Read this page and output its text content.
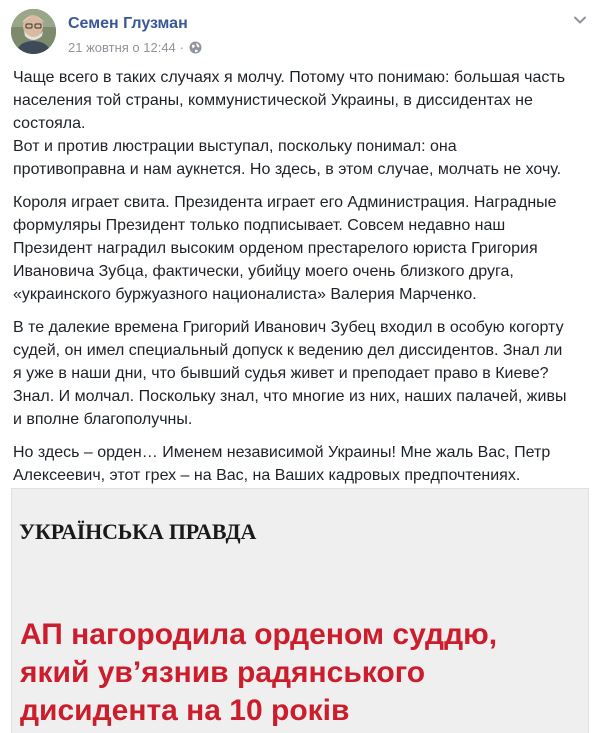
Семен Глузман
21 жовтня о 12:44 ·

Чаще всего в таких случаях я молчу. Потому что понимаю: большая часть
населения той страны, коммунистической Украины, в диссидентах не
состояла.
Вот и против люстрации выступал, поскольку понимал: она
противоправна и нам аукнется. Но здесь, в этом случае, молчать не хочу.

Короля играет свита. Президента играет его Администрация. Наградные
формуляры Президент только подписывает. Совсем недавно наш
Президент наградил высоким орденом престарелого юриста Григория
Ивановича Зубца, фактически, убийцу моего очень близкого друга,
«украинского буржуазного националиста» Валерия Марченко.

В те далекие времена Григорий Иванович Зубец входил в особую когорту
судей, он имел специальный допуск к ведению дел диссидентов. Знал ли
я уже в наши дни, что бывший судья живет и преподает право в Киеве?
Знал. И молчал. Поскольку знал, что многие из них, наших палачей, живы
и вполне благополучны.

Но здесь – орден… Именем независимой Украины! Мне жаль Вас, Петр
Алексеевич, этот грех – на Вас, на Ваших кадровых предпочтениях.

УКРАЇНСЬКА ПРАВДА
АП нагородила орденом суддю,
який ув’язнив радянського
дисидента на 10 років
